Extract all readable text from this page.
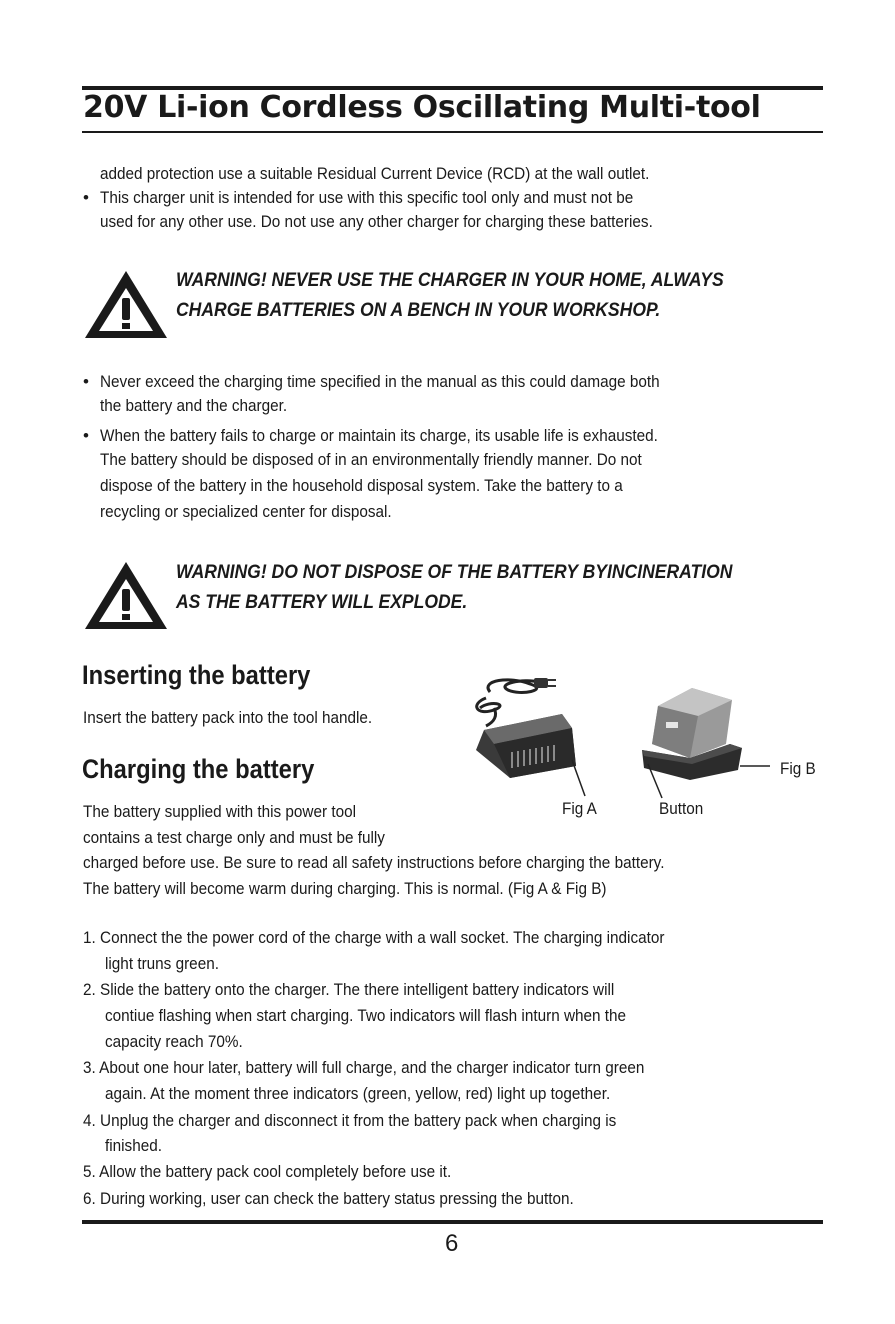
20V Li-ion Cordless Oscillating Multi-tool
added protection use a suitable Residual Current Device (RCD) at the wall outlet.
• This charger unit is intended for use with this specific tool only and must not be
used for any other use. Do not use any other charger for charging these batteries.
WARNING! NEVER USE THE CHARGER IN YOUR HOME, ALWAYS
CHARGE BATTERIES ON A BENCH IN YOUR WORKSHOP.
• Never exceed the charging time specified in the manual as this could damage both
the battery and the charger.
• When the battery fails to charge or maintain its charge, its usable life is exhausted.
The battery should be disposed of in an environmentally friendly manner. Do not
dispose of the battery in the household disposal system. Take the battery to a
recycling or specialized center for disposal.
WARNING! DO NOT DISPOSE OF THE BATTERY BYINCINERATION
AS THE BATTERY WILL EXPLODE.
Inserting the battery
Insert the battery pack into the tool handle.
Charging the battery
The battery supplied with this power tool
contains a test charge only and must be fully
charged before use. Be sure to read all safety instructions before charging the battery.
The battery will become warm during charging. This is normal. (Fig A & Fig B)
Fig A	Button
Fig B
1. Connect the the power cord of the charge with a wall socket. The charging indicator
light truns green.
2. Slide the battery onto the charger. The there intelligent battery indicators will
contiue flashing when start charging. Two indicators will flash inturn when the
capacity reach 70%.
3. About one hour later, battery will full charge, and the charger indicator turn green
again. At the moment three indicators (green, yellow, red) light up together.
4. Unplug the charger and disconnect it from the battery pack when charging is
finished.
5. Allow the battery pack cool completely before use it.
6. During working, user can check the battery status pressing the button.
6
